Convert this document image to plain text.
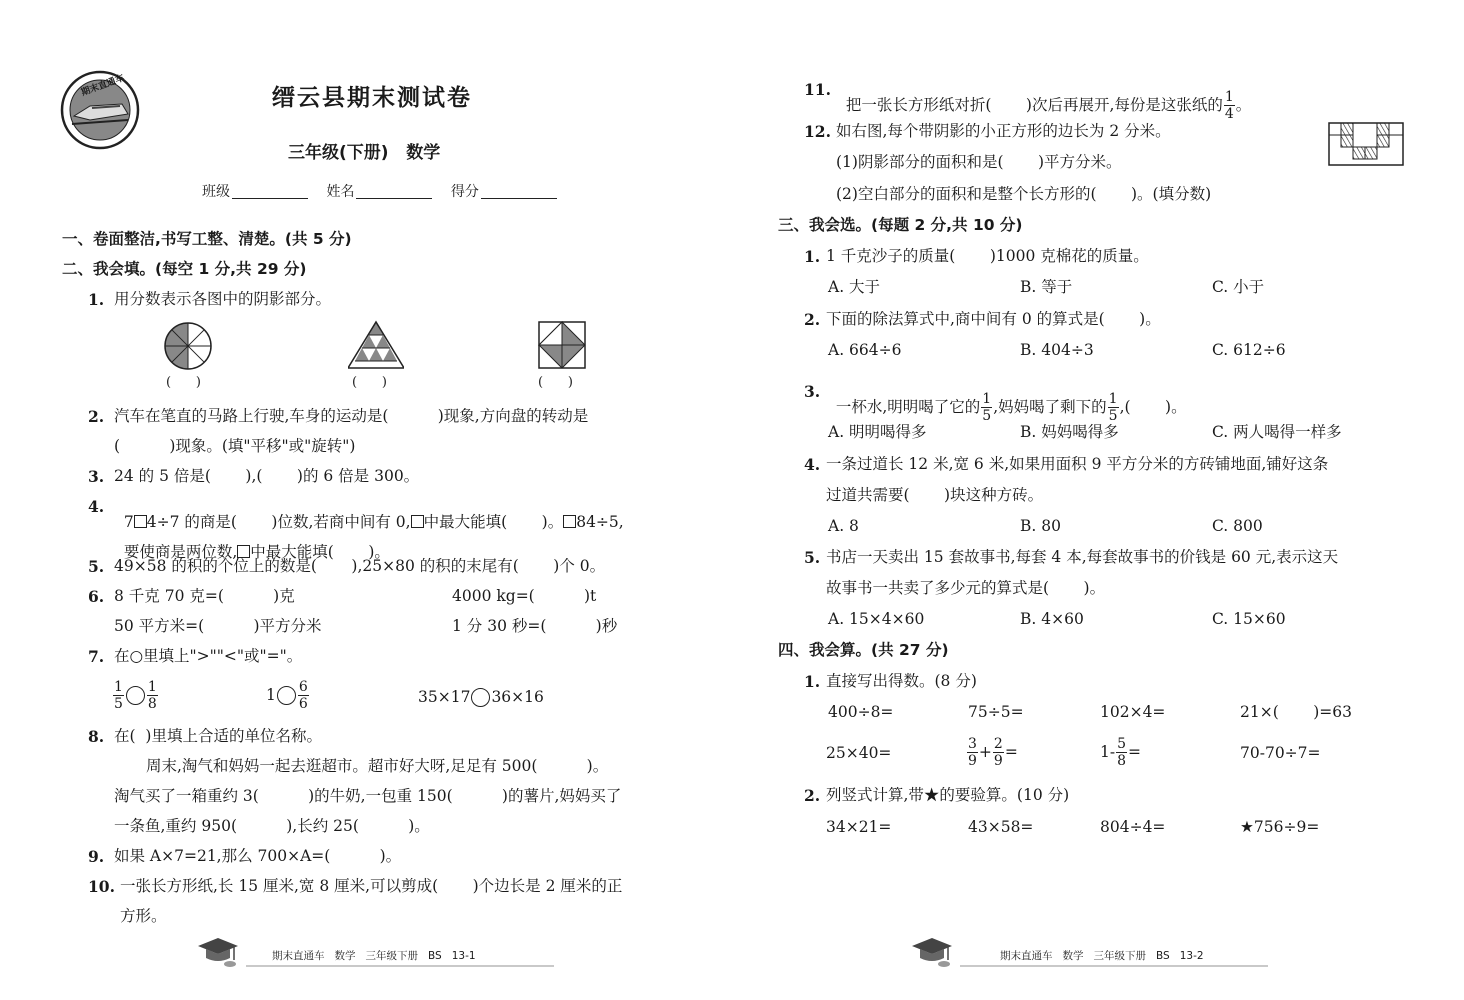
期末直通车	缙云县期末测试卷
三年级(下册)   数学
班级	姓名	得分
一、卷面整洁,书写工整、清楚。(共 5 分)
二、我会填。(每空 1 分,共 29 分)
1. 用分数表示各图中的阴影部分。
(      )	(      )	(      )
2. 汽车在笔直的马路上行驶,车身的运动是(          )现象,方向盘的转动是
(          )现象。(填"平移"或"旋转")
3. 24 的 5 倍是(       ),(       )的 6 倍是 300。
4.

7 4÷7 的商是(       )位数,若商中间有 0, 中最大能填(       )。 84÷5,

要使商是两位数, 中最大能填(       )。

5. 49×58 的积的个位上的数是(       ),25×80 的积的末尾有(       )个 0。
6. 8 千克 70 克=(          )克	4000 kg=(          )t
50 平方米=(          )平方分米	1 分 30 秒=(          )秒
7. 在○里填上">""<"或"="。
$\frac{1}{5} \frac{1}{8}$	$1 \frac{6}{6}$	35×17 36×16
8. 在(  )里填上合适的单位名称。
周末,淘气和妈妈一起去逛超市。超市好大呀,足足有 500(          )。
淘气买了一箱重约 3(          )的牛奶,一包重 150(          )的薯片,妈妈买了
一条鱼,重约 950(          ),长约 25(          )。
9. 如果 A×7=21,那么 700×A=(          )。
10. 一张长方形纸,长 15 厘米,宽 8 厘米,可以剪成(       )个边长是 2 厘米的正
方形。
11.

把一张长方形纸对折(       )次后再展开,每份是这张纸的 $\frac{1}{4}$ 。

12. 如右图,每个带阴影的小正方形的边长为 2 分米。
(1)阴影部分的面积和是(       )平方分米。
(2)空白部分的面积和是整个长方形的(       )。(填分数)
三、我会选。(每题 2 分,共 10 分)
1. 1 千克沙子的质量(       )1000 克棉花的质量。
A. 大于	B. 等于	C. 小于
2. 下面的除法算式中,商中间有 0 的算式是(       )。
A. 664÷6	B. 404÷3	C. 612÷6
3.

一杯水,明明喝了它的 $\frac{1}{5}$ ,妈妈喝了剩下的 $\frac{1}{5}$ ,(       )。

A. 明明喝得多	B. 妈妈喝得多	C. 两人喝得一样多
4. 一条过道长 12 米,宽 6 米,如果用面积 9 平方分米的方砖铺地面,铺好这条
过道共需要(       )块这种方砖。
A. 8	B. 80	C. 800
5. 书店一天卖出 15 套故事书,每套 4 本,每套故事书的价钱是 60 元,表示这天
故事书一共卖了多少元的算式是(       )。
A. 15×4×60	B. 4×60	C. 15×60
四、我会算。(共 27 分)
1. 直接写出得数。(8 分)
400÷8=	75÷5=	102×4=	21×(       )=63
25×40=	$\frac{3}{9} + \frac{2}{9}$ =	$1- \frac{5}{8}$ =	70-70÷7=
2. 列竖式计算,带★的要验算。(10 分)
34×21=	43×58=	804÷4=	★756÷9=
期末直通车   数学   三年级下册   BS   13-1	期末直通车   数学   三年级下册   BS   13-2
